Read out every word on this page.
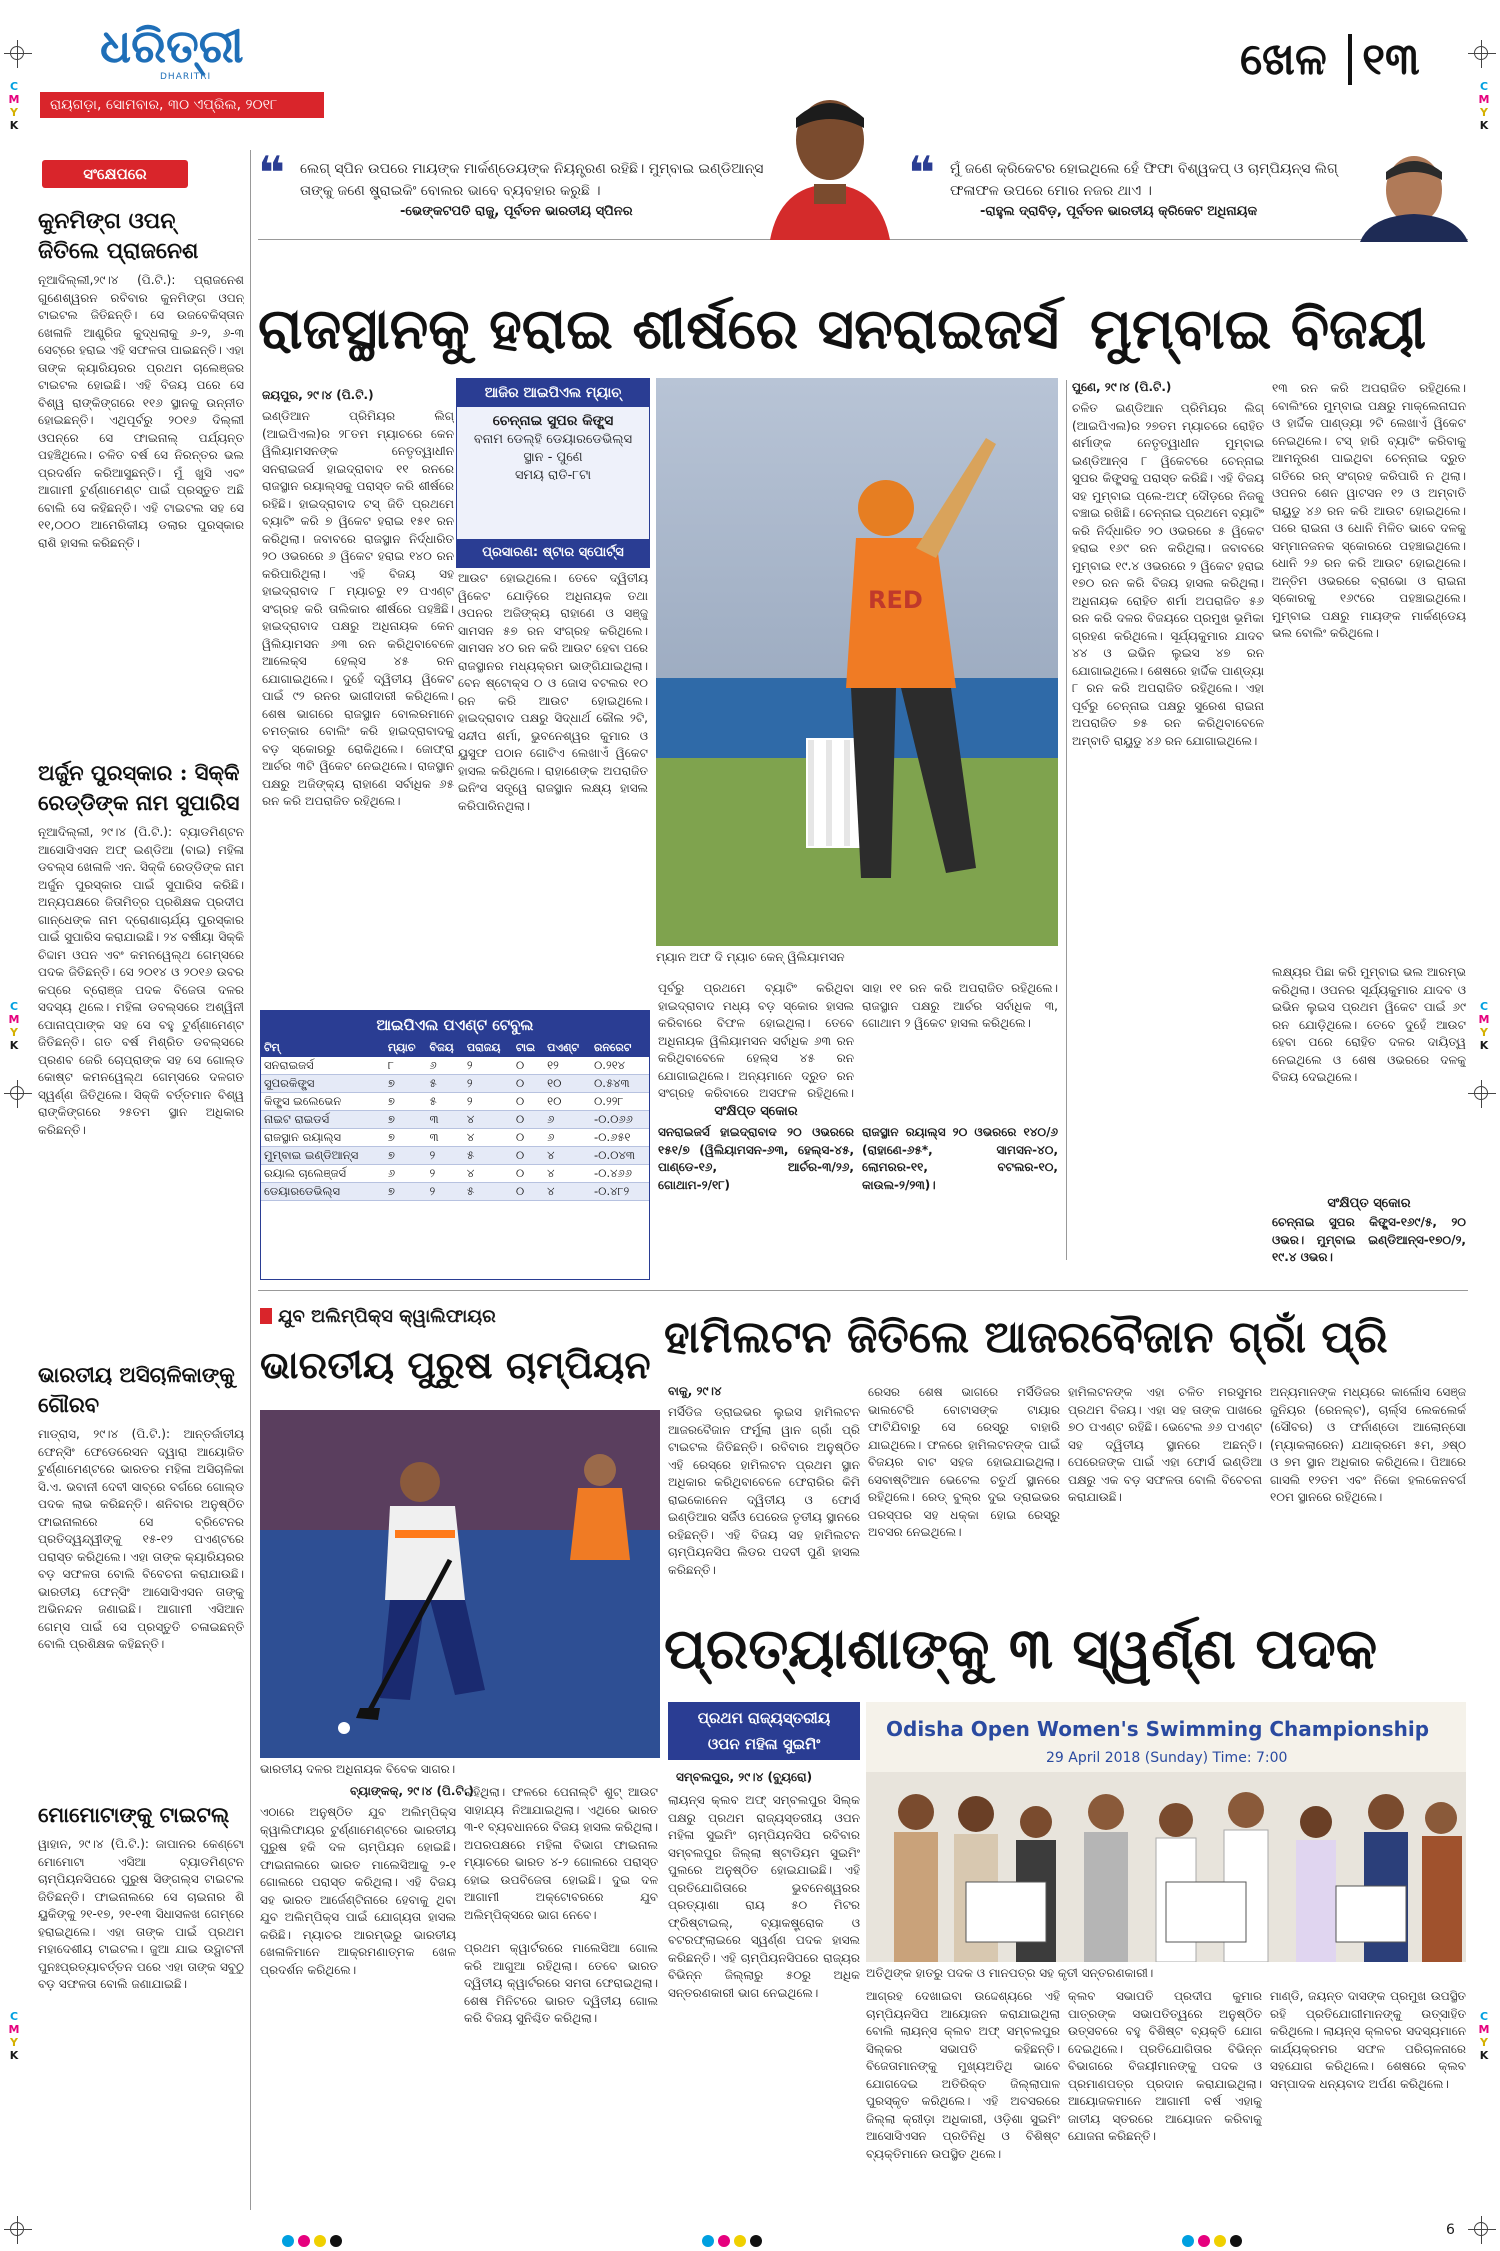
C
M
Y
K
C
M
Y
K
C
M
Y
K
C
M
Y
K
C
M
Y
K
C
M
Y
K
6
ଧରିତ୍ରୀ
DHARITRI
ରାୟଗଡ଼ା, ସୋମବାର, ୩୦ ଏପ୍ରିଲ, ୨୦୧୮
ଖେଳ ୧୩
❝ ଲେଗ୍ ସ୍ପିନ ଉପରେ ମାୟଙ୍କ ମାର୍କଣ୍ଡେୟଙ୍କ ନିୟନ୍ତ୍ରଣ ରହିଛି। ମୁମ୍ବାଇ ଇଣ୍ଡିଆନ୍ସ ତାଙ୍କୁ ଜଣେ ଷ୍ଟ୍ରାଇକିଂ ବୋଲର ଭାବେ ବ୍ୟବହାର କରୁଛି ।
-ଭେଙ୍କଟପତି ରାଜୁ, ପୂର୍ବତନ ଭାରତୀୟ ସ୍ପିନର
❝ ମୁଁ ଜଣେ କ୍ରିକେଟର ହୋଇଥିଲେ ହେଁ ଫିଫା ବିଶ୍ୱକପ୍ ଓ ଚାମ୍ପିୟନ୍ସ ଲିଗ୍ ଫଳାଫଳ ଉପରେ ମୋର ନଜର ଥାଏ ।
-ରାହୁଲ ଦ୍ରାବିଡ଼, ପୂର୍ବତନ ଭାରତୀୟ କ୍ରିକେଟ ଅଧିନାୟକ
ସଂକ୍ଷେପରେ
କୁନମିଙ୍ଗ ଓପନ୍ ଜିତିଲେ ପ୍ରାଜନେଶ
ନୂଆଦିଲ୍ଲୀ,୨୯।୪ (ପି.ଟି.): ପ୍ରାଜନେଶ ଗୁଣେଶ୍ୱରନ ରବିବାର କୁନମିଙ୍ଗ ଓପନ୍ ଟାଇଟଲ ଜିତିଛନ୍ତି। ସେ ଉଜବେକିସ୍ତାନ ଖେଳାଳି ଆଣ୍ଡ୍ରିଜ କୁଦ୍ଧଲାକୁ ୬-୨, ୬-୩ ସେଟ୍‌ରେ ହରାଇ ଏହି ସଫଳତା ପାଇଛନ୍ତି। ଏହା ତାଙ୍କ କ୍ୟାରିୟରର ପ୍ରଥମ ଚାଲେଞ୍ଜର ଟାଇଟଲ ହୋଇଛି। ଏହି ବିଜୟ ପରେ ସେ ବିଶ୍ୱ ରାଙ୍କିଙ୍ଗରେ ୧୧୬ ସ୍ଥାନକୁ ଉନ୍ନୀତ ହୋଇଛନ୍ତି। ଏଥିପୂର୍ବରୁ ୨୦୧୬ ଦିଲ୍ଲୀ ଓପନ୍‌ରେ ସେ ଫାଇନାଲ୍ ପର୍ଯ୍ୟନ୍ତ ପହଞ୍ଚିଥିଲେ। ଚଳିତ ବର୍ଷ ସେ ନିରନ୍ତର ଭଲ ପ୍ରଦର୍ଶନ କରିଆସୁଛନ୍ତି। ମୁଁ ଖୁସି ଏବଂ ଆଗାମୀ ଟୁର୍ଣ୍ଣାମେଣ୍ଟ ପାଇଁ ପ୍ରସ୍ତୁତ ଅଛି ବୋଲି ସେ କହିଛନ୍ତି। ଏହି ଟାଇଟଲ ସହ ସେ ୧୧,୦୦୦ ଆମେରିକୀୟ ଡଲାର ପୁରସ୍କାର ରାଶି ହାସଲ କରିଛନ୍ତି।
ଅର୍ଜୁନ ପୁରସ୍କାର : ସିକ୍କି ରେଡ୍ଡିଙ୍କ ନାମ ସୁପାରିସ
ନୂଆଦିଲ୍ଲୀ, ୨୯।୪ (ପି.ଟି.): ବ୍ୟାଡମିଣ୍ଟନ ଆସୋସିଏସନ ଅଫ୍ ଇଣ୍ଡିଆ (ବାଇ) ମହିଳା ଡବଲ୍ସ ଖେଳାଳି ଏନ. ସିକ୍କି ରେଡ୍ଡିଙ୍କ ନାମ ଅର୍ଜୁନ ପୁରସ୍କାର ପାଇଁ ସୁପାରିସ କରିଛି। ଅନ୍ୟପକ୍ଷରେ ଜିତାମିତ୍ର ପ୍ରଶିକ୍ଷକ ପ୍ରଦୀପ ଗାନ୍ଧେଙ୍କ ନାମ ଦ୍ରୋଣାଚାର୍ଯ୍ୟ ପୁରସ୍କାର ପାଇଁ ସୁପାରିସ କରାଯାଇଛି। ୨୪ ବର୍ଷୀୟା ସିକ୍କି ଚିଦ୍ଦାମ ଓପନ ଏବଂ କମନୱେଲ୍ଥ ଗେମ୍ସରେ ପଦକ ଜିତିଛନ୍ତି। ସେ ୨୦୧୪ ଓ ୨୦୧୬ ଉବର କପ୍‌ରେ ବ୍ରୋଞ୍ଜ ପଦକ ବିଜେତା ଦଳର ସଦସ୍ୟ ଥିଲେ। ମହିଳା ଡବଲ୍ସରେ ଅଶ୍ୱିନୀ ପୋନାପ୍ପାଙ୍କ ସହ ସେ ବହୁ ଟୁର୍ଣ୍ଣାମେଣ୍ଟ ଜିତିଛନ୍ତି। ଗତ ବର୍ଷ ମିଶ୍ରିତ ଡବଲ୍ସରେ ପ୍ରଣବ ଜେରି ଚୋପ୍ରାଙ୍କ ସହ ସେ ଗୋଲ୍ଡ କୋଷ୍ଟ କମନୱେଲ୍ଥ ଗେମ୍ସରେ ଦଳଗତ ସ୍ୱର୍ଣ୍ଣ ଜିତିଥିଲେ। ସିକ୍କି ବର୍ତ୍ତମାନ ବିଶ୍ୱ ରାଙ୍କିଙ୍ଗରେ ୨୫ତମ ସ୍ଥାନ ଅଧିକାର କରିଛନ୍ତି।
ଭାରତୀୟ ଅସିଚାଳିକାଙ୍କୁ ଗୌରବ
ମାଡ୍ରାସ, ୨୯।୪ (ପି.ଟି.): ଆନ୍ତର୍ଜାତୀୟ ଫେନ୍ସିଂ ଫେଡେରେସନ ଦ୍ୱାରା ଆୟୋଜିତ ଟୁର୍ଣ୍ଣାମେଣ୍ଟରେ ଭାରତର ମହିଳା ଅସିଚାଳିକା ସି.ଏ. ଭବାନୀ ଦେବୀ ସାବ୍ରେ ବର୍ଗରେ ଗୋଲ୍ଡ ପଦକ ଲାଭ କରିଛନ୍ତି। ଶନିବାର ଅନୁଷ୍ଠିତ ଫାଇନାଲରେ ସେ ବ୍ରିଟେନର ପ୍ରତିଦ୍ୱନ୍ଦ୍ୱୀଙ୍କୁ ୧୫-୧୨ ପଏଣ୍ଟରେ ପରାସ୍ତ କରିଥିଲେ। ଏହା ତାଙ୍କ କ୍ୟାରିୟରର ବଡ଼ ସଫଳତା ବୋଲି ବିବେଚନା କରାଯାଉଛି। ଭାରତୀୟ ଫେନ୍ସିଂ ଆସୋସିଏସନ ତାଙ୍କୁ ଅଭିନନ୍ଦନ ଜଣାଇଛି। ଆଗାମୀ ଏସିଆନ ଗେମ୍ସ ପାଇଁ ସେ ପ୍ରସ୍ତୁତି ଚଳାଇଛନ୍ତି ବୋଲି ପ୍ରଶିକ୍ଷକ କହିଛନ୍ତି।
ମୋମୋଟାଙ୍କୁ ଟାଇଟଲ୍
ୱାହାନ, ୨୯।୪ (ପି.ଟି.): ଜାପାନର କେଣ୍ଟୋ ମୋମୋଟା ଏସିଆ ବ୍ୟାଡମିଣ୍ଟନ ଚାମ୍ପିୟନସିପରେ ପୁରୁଷ ସିଙ୍ଗଲ୍ସ ଟାଇଟଲ ଜିତିଛନ୍ତି। ଫାଇନାଲରେ ସେ ଚାଇନାର ଶି ୟୁକିଙ୍କୁ ୨୧-୧୭, ୨୧-୧୩ ସିଧାସଳଖ ଗେମ୍‌ରେ ହରାଇଥିଲେ। ଏହା ତାଙ୍କ ପାଇଁ ପ୍ରଥମ ମହାଦେଶୀୟ ଟାଇଟଲ। ଜୁଆ ଯାଇ ଉଦ୍ଘାଟନୀ ପୁନଃପ୍ରତ୍ୟାବର୍ତ୍ତନ ପରେ ଏହା ତାଙ୍କ ସବୁଠୁ ବଡ଼ ସଫଳତା ବୋଲି ଜଣାଯାଇଛି।
ରାଜସ୍ଥାନକୁ ହରାଇ ଶୀର୍ଷରେ ସନରାଇଜର୍ସ ମୁମ୍ବାଇ ବିଜୟୀ
ଜୟପୁର, ୨୯।୪ (ପି.ଟି.)
ଇଣ୍ଡିଆନ ପ୍ରିମିୟର ଲିଗ୍ (ଆଇପିଏଲ)ର ୨୮ତମ ମ୍ୟାଚରେ କେନ ୱିଲିୟାମସନଙ୍କ ନେତୃତ୍ୱାଧୀନ ସନରାଇଜର୍ସ ହାଇଦ୍ରାବାଦ ୧୧ ରନରେ ରାଜସ୍ଥାନ ରୟାଲ୍ସକୁ ପରାସ୍ତ କରି ଶୀର୍ଷରେ ରହିଛି। ହାଇଦ୍ରାବାଦ ଟସ୍ ଜିତି ପ୍ରଥମେ ବ୍ୟାଟିଂ କରି ୭ ୱିକେଟ ହରାଇ ୧୫୧ ରନ କରିଥିଲା। ଜବାବରେ ରାଜସ୍ଥାନ ନିର୍ଦ୍ଧାରିତ ୨୦ ଓଭରରେ ୬ ୱିକେଟ ହରାଇ ୧୪୦ ରନ କରିପାରିଥିଲା। ଏହି ବିଜୟ ସହ ହାଇଦ୍ରାବାଦ ୮ ମ୍ୟାଚରୁ ୧୨ ପଏଣ୍ଟ ସଂଗ୍ରହ କରି ତାଲିକାର ଶୀର୍ଷରେ ପହଞ୍ଚିଛି। ହାଇଦ୍ରାବାଦ ପକ୍ଷରୁ ଅଧିନାୟକ କେନ ୱିଲିୟାମସନ ୬୩ ରନ କରିଥିବାବେଳେ ଆଲେକ୍ସ ହେଲ୍ସ ୪୫ ରନ ଯୋଗାଇଥିଲେ। ଦୁହେଁ ଦ୍ୱିତୀୟ ୱିକେଟ ପାଇଁ ୯୨ ରନର ଭାଗୀଦାରୀ କରିଥିଲେ। ଶେଷ ଭାଗରେ ରାଜସ୍ଥାନ ବୋଲରମାନେ ଚମତ୍କାର ବୋଲିଂ କରି ହାଇଦ୍ରାବାଦକୁ ବଡ଼ ସ୍କୋରରୁ ରୋକିଥିଲେ। ଜୋଫ୍ରା ଆର୍ଚର ୩ଟି ୱିକେଟ ନେଇଥିଲେ। ରାଜସ୍ଥାନ ପକ୍ଷରୁ ଅଜିଙ୍କ୍ୟ ରାହାଣେ ସର୍ବାଧିକ ୬୫ ରନ କରି ଅପରାଜିତ ରହିଥିଲେ।
ଆଉଟ ହୋଇଥିଲେ। ତେବେ ଦ୍ୱିତୀୟ ୱିକେଟ ଯୋଡ଼ିରେ ଅଧିନାୟକ ତଥା ଓପନର ଅଜିଙ୍କ୍ୟ ରାହାଣେ ଓ ସଞ୍ଜୁ ସାମସନ ୫୭ ରନ ସଂଗ୍ରହ କରିଥିଲେ। ସାମସନ ୪୦ ରନ କରି ଆଉଟ ହେବା ପରେ ରାଜସ୍ଥାନର ମଧ୍ୟକ୍ରମ ଭାଙ୍ଗିଯାଇଥିଲା। ବେନ ଷ୍ଟୋକ୍ସ ୦ ଓ ଜୋସ ବଟଲର ୧୦ ରନ କରି ଆଉଟ ହୋଇଥିଲେ। ହାଇଦ୍ରାବାଦ ପକ୍ଷରୁ ସିଦ୍ଧାର୍ଥ କୌଲ ୨ଟି, ସନ୍ଦୀପ ଶର୍ମା, ଭୁବନେଶ୍ୱର କୁମାର ଓ ୟୁସୁଫ ପଠାନ ଗୋଟିଏ ଲେଖାଏଁ ୱିକେଟ ହାସଲ କରିଥିଲେ। ରାହାଣେଙ୍କ ଅପରାଜିତ ଇନିଂସ ସତ୍ତ୍ୱେ ରାଜସ୍ଥାନ ଲକ୍ଷ୍ୟ ହାସଲ କରିପାରିନଥିଲା।
ଆଜିର ଆଇପିଏଲ ମ୍ୟାଚ୍
ଚେନ୍ନାଇ ସୁପର କିଙ୍ଗ୍ସ
ବନାମ ଡେଲ୍ହି ଡେୟାରଡେଭିଲ୍ସ
ସ୍ଥାନ - ପୁଣେ
ସମୟ ରାତି-୮ଟା
ପ୍ରସାରଣ: ଷ୍ଟାର ସ୍ପୋର୍ଟ୍ସ
RED
ମ୍ୟାନ ଅଫ ଦି ମ୍ୟାଚ କେନ୍ ୱିଲିୟାମସନ
ଆଇପିଏଲ ପଏଣ୍ଟ ଟେବୁଲ
ଟିମ୍	ମ୍ୟାଚ	ବିଜୟ	ପରାଜୟ	ଟାଇ	ପଏଣ୍ଟ	ରନରେଟ
ସନରାଇଜର୍ସ	୮	୬	୨	୦	୧୨	୦.୨୧୪
ସୁପରକିଙ୍ଗ୍ସ	୭	୫	୨	୦	୧୦	୦.୫୪୩
କିଙ୍ଗ୍ସ ଇଲେଭେନ	୭	୫	୨	୦	୧୦	୦.୨୨୮
ନାଇଟ ରାଇଡର୍ସ	୭	୩	୪	୦	୬	-୦.୦୬୬
ରାଜସ୍ଥାନ ରୟାଲ୍ସ	୭	୩	୪	୦	୬	-୦.୬୫୧
ମୁମ୍ବାଇ ଇଣ୍ଡିଆନ୍ସ	୭	୨	୫	୦	୪	-୦.୦୪୩
ରୟାଲ ଚାଲେଞ୍ଜର୍ସ	୬	୨	୪	୦	୪	-୦.୪୬୬
ଡେୟାରଡେଭିଲ୍ସ	୭	୨	୫	୦	୪	-୦.୪୮୨
ପୂର୍ବରୁ ପ୍ରଥମେ ବ୍ୟାଟିଂ କରିଥିବା ହାଇଦ୍ରାବାଦ ମଧ୍ୟ ବଡ଼ ସ୍କୋର ହାସଲ କରିବାରେ ବିଫଳ ହୋଇଥିଲା। ତେବେ ଅଧିନାୟକ ୱିଲିୟାମସନ ସର୍ବାଧିକ ୬୩ ରନ କରିଥିବାବେଳେ ହେଲ୍ସ ୪୫ ରନ ଯୋଗାଇଥିଲେ। ଅନ୍ୟମାନେ ଦ୍ରୁତ ରନ ସଂଗ୍ରହ କରିବାରେ ଅସଫଳ ରହିଥିଲେ।
ସଂକ୍ଷିପ୍ତ ସ୍କୋର
ସନରାଇଜର୍ସ ହାଇଦ୍ରାବାଦ ୨୦ ଓଭରରେ ୧୫୧/୭ (ୱିଲିୟାମସନ-୬୩, ହେଲ୍ସ-୪୫, ପାଣ୍ଡେ-୧୬, ଆର୍ଚର-୩/୨୬, ଗୋଥାମ-୨/୧୮)
ସାହା ୧୧ ରନ କରି ଅପରାଜିତ ରହିଥିଲେ। ରାଜସ୍ଥାନ ପକ୍ଷରୁ ଆର୍ଚର ସର୍ବାଧିକ ୩, ଗୋଥାମ ୨ ୱିକେଟ ହାସଲ କରିଥିଲେ।
ରାଜସ୍ଥାନ ରୟାଲ୍ସ ୨୦ ଓଭରରେ ୧୪୦/୬ (ରାହାଣେ-୬୫*, ସାମସନ-୪୦, ଲୋମରର-୧୧, ବଟଲର-୧୦, କାଉଲ-୨/୨୩)।
ପୁଣେ, ୨୯।୪ (ପି.ଟି.)
ଚଳିତ ଇଣ୍ଡିଆନ ପ୍ରିମିୟର ଲିଗ୍ (ଆଇପିଏଲ)ର ୨୭ତମ ମ୍ୟାଚରେ ରୋହିତ ଶର୍ମାଙ୍କ ନେତୃତ୍ୱାଧୀନ ମୁମ୍ବାଇ ଇଣ୍ଡିଆନ୍ସ ୮ ୱିକେଟରେ ଚେନ୍ନାଇ ସୁପର କିଙ୍ଗ୍ସକୁ ପରାସ୍ତ କରିଛି। ଏହି ବିଜୟ ସହ ମୁମ୍ବାଇ ପ୍ଲେ-ଅଫ୍ ଦୌଡ଼ରେ ନିଜକୁ ବଞ୍ଚାଇ ରଖିଛି। ଚେନ୍ନାଇ ପ୍ରଥମେ ବ୍ୟାଟିଂ କରି ନିର୍ଦ୍ଧାରିତ ୨୦ ଓଭରରେ ୫ ୱିକେଟ ହରାଇ ୧୬୯ ରନ କରିଥିଲା। ଜବାବରେ ମୁମ୍ବାଇ ୧୯.୪ ଓଭରରେ ୨ ୱିକେଟ ହରାଇ ୧୭୦ ରନ କରି ବିଜୟ ହାସଲ କରିଥିଲା। ଅଧିନାୟକ ରୋହିତ ଶର୍ମା ଅପରାଜିତ ୫୬ ରନ କରି ଦଳର ବିଜୟରେ ପ୍ରମୁଖ ଭୂମିକା ଗ୍ରହଣ କରିଥିଲେ। ସୂର୍ଯ୍ୟକୁମାର ଯାଦବ ୪୪ ଓ ଇଭିନ ଲୁଇସ ୪୭ ରନ ଯୋଗାଇଥିଲେ। ଶେଷରେ ହାର୍ଦ୍ଦିକ ପାଣ୍ଡ୍ୟା ୮ ରନ କରି ଅପରାଜିତ ରହିଥିଲେ। ଏହା ପୂର୍ବରୁ ଚେନ୍ନାଇ ପକ୍ଷରୁ ସୁରେଶ ରାଇନା ଅପରାଜିତ ୭୫ ରନ କରିଥିବାବେଳେ ଅମ୍ବାତି ରାୟୁଡୁ ୪୬ ରନ ଯୋଗାଇଥିଲେ।
୧୩ ରନ କରି ଅପରାଜିତ ରହିଥିଲେ। ବୋଲିଂରେ ମୁମ୍ବାଇ ପକ୍ଷରୁ ମାକ୍ଲେନାଘନ ଓ ହାର୍ଦ୍ଦିକ ପାଣ୍ଡ୍ୟା ୨ଟି ଲେଖାଏଁ ୱିକେଟ ନେଇଥିଲେ। ଟସ୍ ହାରି ବ୍ୟାଟିଂ କରିବାକୁ ଆମନ୍ତ୍ରଣ ପାଇଥିବା ଚେନ୍ନାଇ ଦ୍ରୁତ ଗତିରେ ରନ୍ ସଂଗ୍ରହ କରିପାରି ନ ଥିଲା। ଓପନର ଶେନ ୱାଟସନ ୧୨ ଓ ଅମ୍ବାତି ରାୟୁଡୁ ୪୬ ରନ କରି ଆଉଟ ହୋଇଥିଲେ। ପରେ ରାଇନା ଓ ଧୋନି ମିଳିତ ଭାବେ ଦଳକୁ ସମ୍ମାନଜନକ ସ୍କୋରରେ ପହଞ୍ଚାଇଥିଲେ। ଧୋନି ୨୬ ରନ କରି ଆଉଟ ହୋଇଥିଲେ। ଅନ୍ତିମ ଓଭରରେ ବ୍ରାଭୋ ଓ ରାଇନା ସ୍କୋରକୁ ୧୬୯ରେ ପହଞ୍ଚାଇଥିଲେ। ମୁମ୍ବାଇ ପକ୍ଷରୁ ମାୟଙ୍କ ମାର୍କଣ୍ଡେୟ ଭଲ ବୋଲିଂ କରିଥିଲେ।
ଲକ୍ଷ୍ୟର ପିଛା କରି ମୁମ୍ବାଇ ଭଲ ଆରମ୍ଭ କରିଥିଲା। ଓପନର ସୂର୍ଯ୍ୟକୁମାର ଯାଦବ ଓ ଇଭିନ ଲୁଇସ ପ୍ରଥମ ୱିକେଟ ପାଇଁ ୬୯ ରନ ଯୋଡ଼ିଥିଲେ। ତେବେ ଦୁହେଁ ଆଉଟ ହେବା ପରେ ରୋହିତ ଦଳର ଦାୟିତ୍ୱ ନେଇଥିଲେ ଓ ଶେଷ ଓଭରରେ ଦଳକୁ ବିଜୟ ଦେଇଥିଲେ।
ସଂକ୍ଷିପ୍ତ ସ୍କୋର
ଚେନ୍ନାଇ ସୁପର କିଙ୍ଗ୍ସ-୧୬୯/୫, ୨୦ ଓଭର। ମୁମ୍ବାଇ ଇଣ୍ଡିଆନ୍ସ-୧୭୦/୨, ୧୯.୪ ଓଭର।
ଯୁବ ଅଲିମ୍ପିକ୍ସ କ୍ୱାଲିଫାୟର
ଭାରତୀୟ ପୁରୁଷ ଚାମ୍ପିୟନ
ଭାରତୀୟ ଦଳର ଅଧିନାୟକ ବିବେକ ସାଗର।
ବ୍ୟାଙ୍କକ୍, ୨୯।୪ (ପି.ଟି.)
ଏଠାରେ ଅନୁଷ୍ଠିତ ଯୁବ ଅଲିମ୍ପିକ୍ସ କ୍ୱାଲିଫାୟର ଟୁର୍ଣ୍ଣାମେଣ୍ଟରେ ଭାରତୀୟ ପୁରୁଷ ହକି ଦଳ ଚାମ୍ପିୟନ ହୋଇଛି। ଫାଇନାଲରେ ଭାରତ ମାଲେସିଆକୁ ୨-୧ ଗୋଲରେ ପରାସ୍ତ କରିଥିଲା। ଏହି ବିଜୟ ସହ ଭାରତ ଆର୍ଜେଣ୍ଟିନାରେ ହେବାକୁ ଥିବା ଯୁବ ଅଲିମ୍ପିକ୍ସ ପାଇଁ ଯୋଗ୍ୟତା ହାସଲ କରିଛି। ମ୍ୟାଚର ଆରମ୍ଭରୁ ଭାରତୀୟ ଖେଳାଳିମାନେ ଆକ୍ରମଣାତ୍ମକ ଖେଳ ପ୍ରଦର୍ଶନ କରିଥିଲେ।
ରହିଥିଲା। ଫଳରେ ପେନାଲ୍ଟି ଶୁଟ୍ ଆଉଟ ସାହାଯ୍ୟ ନିଆଯାଇଥିଲା। ଏଥିରେ ଭାରତ ୩-୧ ବ୍ୟବଧାନରେ ବିଜୟ ହାସଲ କରିଥିଲା। ଅପରପକ୍ଷରେ ମହିଳା ବିଭାଗ ଫାଇନାଲ ମ୍ୟାଚରେ ଭାରତ ୪-୨ ଗୋଲରେ ପରାସ୍ତ ହୋଇ ଉପବିଜେତା ହୋଇଛି। ଦୁଇ ଦଳ ଆଗାମୀ ଅକ୍ଟୋବରରେ ଯୁବ ଅଲିମ୍ପିକ୍ସରେ ଭାଗ ନେବେ।
ପ୍ରଥମ କ୍ୱାର୍ଟରରେ ମାଲେସିଆ ଗୋଲ କରି ଆଗୁଆ ରହିଥିଲା। ତେବେ ଭାରତ ଦ୍ୱିତୀୟ କ୍ୱାର୍ଟରରେ ସମତା ଫେରାଇଥିଲା। ଶେଷ ମିନିଟରେ ଭାରତ ଦ୍ୱିତୀୟ ଗୋଲ କରି ବିଜୟ ସୁନିଶ୍ଚିତ କରିଥିଲା।
ହାମିଲଟନ ଜିତିଲେ ଆଜରବୈଜାନ ଗ୍ରାଁ ପ୍ରି
ବାକୁ, ୨୯।୪
ମର୍ସିଡିଜ ଡ୍ରାଇଭର ଲୁଇସ ହାମିଲଟନ ଆଜରବୈଜାନ ଫର୍ମୁଲା ୱାନ ଗ୍ରାଁ ପ୍ରି ଟାଇଟଲ ଜିତିଛନ୍ତି। ରବିବାର ଅନୁଷ୍ଠିତ ଏହି ରେସ୍‌ରେ ହାମିଲଟନ ପ୍ରଥମ ସ୍ଥାନ ଅଧିକାର କରିଥିବାବେଳେ ଫେରାରିର କିମି ରାଇକୋନେନ ଦ୍ୱିତୀୟ ଓ ଫୋର୍ସ ଇଣ୍ଡିଆର ସର୍ଜିଓ ପେରେଜ ତୃତୀୟ ସ୍ଥାନରେ ରହିଛନ୍ତି। ଏହି ବିଜୟ ସହ ହାମିଲଟନ ଚାମ୍ପିୟନସିପ ଲିଡର ପଦବୀ ପୁଣି ହାସଲ କରିଛନ୍ତି।
ରେସର ଶେଷ ଭାଗରେ ମର୍ସିଡିଜର ଭାଲଟେରି ବୋଟାସଙ୍କ ଟାୟାର ଫାଟିଯିବାରୁ ସେ ରେସ୍‌ରୁ ବାହାରି ଯାଇଥିଲେ। ଫଳରେ ହାମିଲଟନଙ୍କ ପାଇଁ ବିଜୟର ବାଟ ସହଜ ହୋଇଯାଇଥିଲା। ସେବାଷ୍ଟିଆନ ଭେଟେଲ ଚତୁର୍ଥ ସ୍ଥାନରେ ରହିଥିଲେ। ରେଡ୍ ବୁଲ୍‌ର ଦୁଇ ଡ୍ରାଇଭର ପରସ୍ପର ସହ ଧକ୍କା ହୋଇ ରେସ୍‌ରୁ ଅବସର ନେଇଥିଲେ।
ହାମିଲଟନଙ୍କ ଏହା ଚଳିତ ମରସୁମର ପ୍ରଥମ ବିଜୟ। ଏହା ସହ ତାଙ୍କ ପାଖରେ ୭୦ ପଏଣ୍ଟ ରହିଛି। ଭେଟେଲ ୬୬ ପଏଣ୍ଟ ସହ ଦ୍ୱିତୀୟ ସ୍ଥାନରେ ଅଛନ୍ତି। ପେରେଜଙ୍କ ପାଇଁ ଏହା ଫୋର୍ସ ଇଣ୍ଡିଆ ପକ୍ଷରୁ ଏକ ବଡ଼ ସଫଳତା ବୋଲି ବିବେଚନା କରାଯାଉଛି।
ଅନ୍ୟମାନଙ୍କ ମଧ୍ୟରେ କାର୍ଲୋସ ସେଞ୍ଜ ଜୁନିୟର (ରେନଲ୍ଟ), ଚାର୍ଲ୍ସ ଲେକଲେର୍କ (ସୌବର) ଓ ଫର୍ନାଣ୍ଡୋ ଆଲୋନ୍ସୋ (ମ୍ୟାକଲାରେନ) ଯଥାକ୍ରମେ ୫ମ, ୬ଷ୍ଠ ଓ ୭ମ ସ୍ଥାନ ଅଧିକାର କରିଥିଲେ। ପିଆରେ ଗାସଲି ୧୨ତମ ଏବଂ ନିକୋ ହଲକେନବର୍ଗ ୧୦ମ ସ୍ଥାନରେ ରହିଥିଲେ।
ପ୍ରତ୍ୟାଶାଙ୍କୁ ୩ ସ୍ୱର୍ଣ୍ଣ ପଦକ
ପ୍ରଥମ ରାଜ୍ୟସ୍ତରୀୟ
ଓପନ ମହିଳା ସୁଇମିଂ
ସମ୍ବଲପୁର, ୨୯।୪ (ବ୍ୟୁରୋ)
ଲାୟନ୍ସ କ୍ଲବ ଅଫ୍ ସମ୍ବଲପୁର ସିଲ୍କ ପକ୍ଷରୁ ପ୍ରଥମ ରାଜ୍ୟସ୍ତରୀୟ ଓପନ ମହିଳା ସୁଇମିଂ ଚାମ୍ପିୟନସିପ ରବିବାର ସମ୍ବଲପୁର ଜିଲ୍ଲା ଷ୍ଟାଡିୟମ ସୁଇମିଂ ପୁଲରେ ଅନୁଷ୍ଠିତ ହୋଇଯାଇଛି। ଏହି ପ୍ରତିଯୋଗିତାରେ ଭୁବନେଶ୍ୱରର ପ୍ରତ୍ୟାଶା ରାୟ ୫୦ ମିଟର ଫ୍ରିଷ୍ଟାଇଲ୍, ବ୍ୟାକଷ୍ଟ୍ରୋକ ଓ ବଟରଫ୍ଲାଇରେ ସ୍ୱର୍ଣ୍ଣ ପଦକ ହାସଲ କରିଛନ୍ତି। ଏହି ଚାମ୍ପିୟନସିପରେ ରାଜ୍ୟର ବିଭିନ୍ନ ଜିଲ୍ଲାରୁ ୫୦ରୁ ଅଧିକ ସନ୍ତରଣକାରୀ ଭାଗ ନେଇଥିଲେ।
Odisha Open Women's Swimming Championship
29 April 2018 (Sunday) Time: 7:00
ଅତିଥିଙ୍କ ହାତରୁ ପଦକ ଓ ମାନପତ୍ର ସହ କୃତୀ ସନ୍ତରଣକାରୀ।
ଆଗ୍ରହ ଦେଖାଇବା ଉଦ୍ଦେଶ୍ୟରେ ଏହି ଚାମ୍ପିୟନସିପ ଆୟୋଜନ କରାଯାଇଥିଲା ବୋଲି ଲାୟନ୍ସ କ୍ଲବ ଅଫ୍ ସମ୍ବଲପୁର ସିଲ୍କର ସଭାପତି କହିଛନ୍ତି। ବିଜେତାମାନଙ୍କୁ ମୁଖ୍ୟଅତିଥି ଭାବେ ଯୋଗଦେଇ ଅତିରିକ୍ତ ଜିଲ୍ଲାପାଳ ପୁରସ୍କୃତ କରିଥିଲେ। ଏହି ଅବସରରେ ଜିଲ୍ଲା କ୍ରୀଡ଼ା ଅଧିକାରୀ, ଓଡ଼ିଶା ସୁଇମିଂ ଆସୋସିଏସନ ପ୍ରତିନିଧି ଓ ବିଶିଷ୍ଟ ବ୍ୟକ୍ତିମାନେ ଉପସ୍ଥିତ ଥିଲେ।
କ୍ଲବ ସଭାପତି ପ୍ରଦୀପ କୁମାର ପାତ୍ରଙ୍କ ସଭାପତିତ୍ୱରେ ଅନୁଷ୍ଠିତ ଉତ୍ସବରେ ବହୁ ବିଶିଷ୍ଟ ବ୍ୟକ୍ତି ଯୋଗ ଦେଇଥିଲେ। ପ୍ରତିଯୋଗିତାର ବିଭିନ୍ନ ବିଭାଗରେ ବିଜୟୀମାନଙ୍କୁ ପଦକ ଓ ପ୍ରମାଣପତ୍ର ପ୍ରଦାନ କରାଯାଇଥିଲା। ଆୟୋଜକମାନେ ଆଗାମୀ ବର୍ଷ ଏହାକୁ ଜାତୀୟ ସ୍ତରରେ ଆୟୋଜନ କରିବାକୁ ଯୋଜନା କରିଛନ୍ତି।
ମାଣ୍ଡି, ଜୟନ୍ତ ଦାସଙ୍କ ପ୍ରମୁଖ ଉପସ୍ଥିତ ରହି ପ୍ରତିଯୋଗୀମାନଙ୍କୁ ଉତ୍ସାହିତ କରିଥିଲେ। ଲାୟନ୍ସ କ୍ଲବର ସଦସ୍ୟମାନେ କାର୍ଯ୍ୟକ୍ରମର ସଫଳ ପରିଚାଳନାରେ ସହଯୋଗ କରିଥିଲେ। ଶେଷରେ କ୍ଲବ ସମ୍ପାଦକ ଧନ୍ୟବାଦ ଅର୍ପଣ କରିଥିଲେ।
